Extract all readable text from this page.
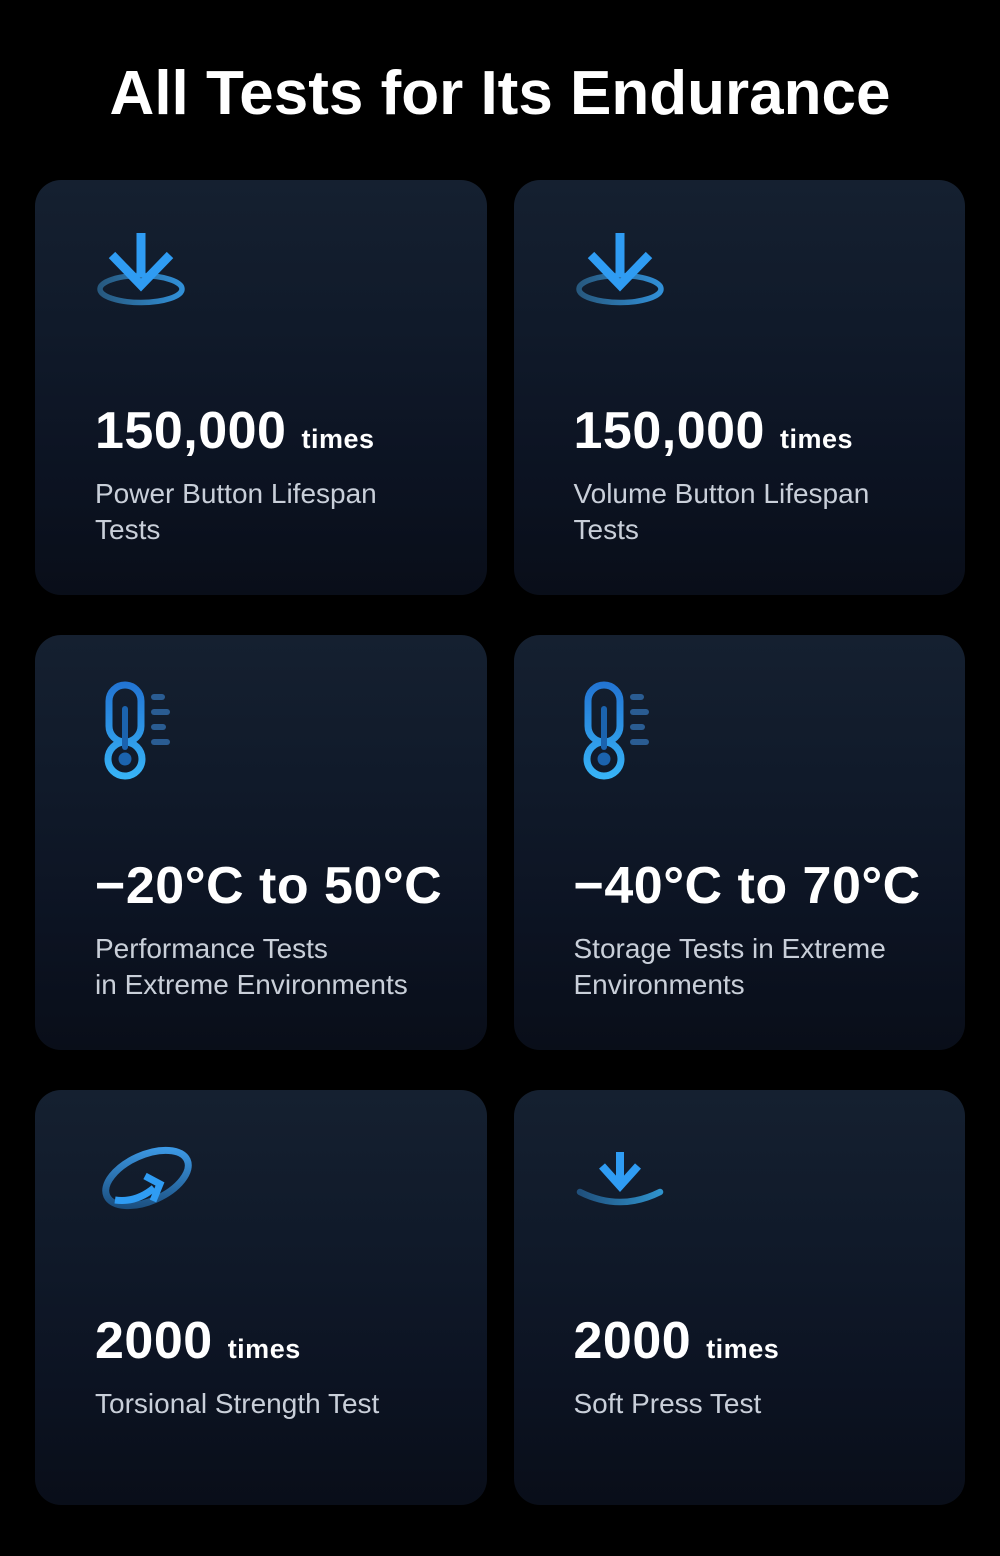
All Tests for Its Endurance
150,000 times

Power Button Lifespan
Tests

150,000 times

Volume Button Lifespan
Tests

−20°C to 50°C

Performance Tests
in Extreme Environments

−40°C to 70°C

Storage Tests in Extreme
Environments

2000 times

Torsional Strength Test

2000 times

Soft Press Test
